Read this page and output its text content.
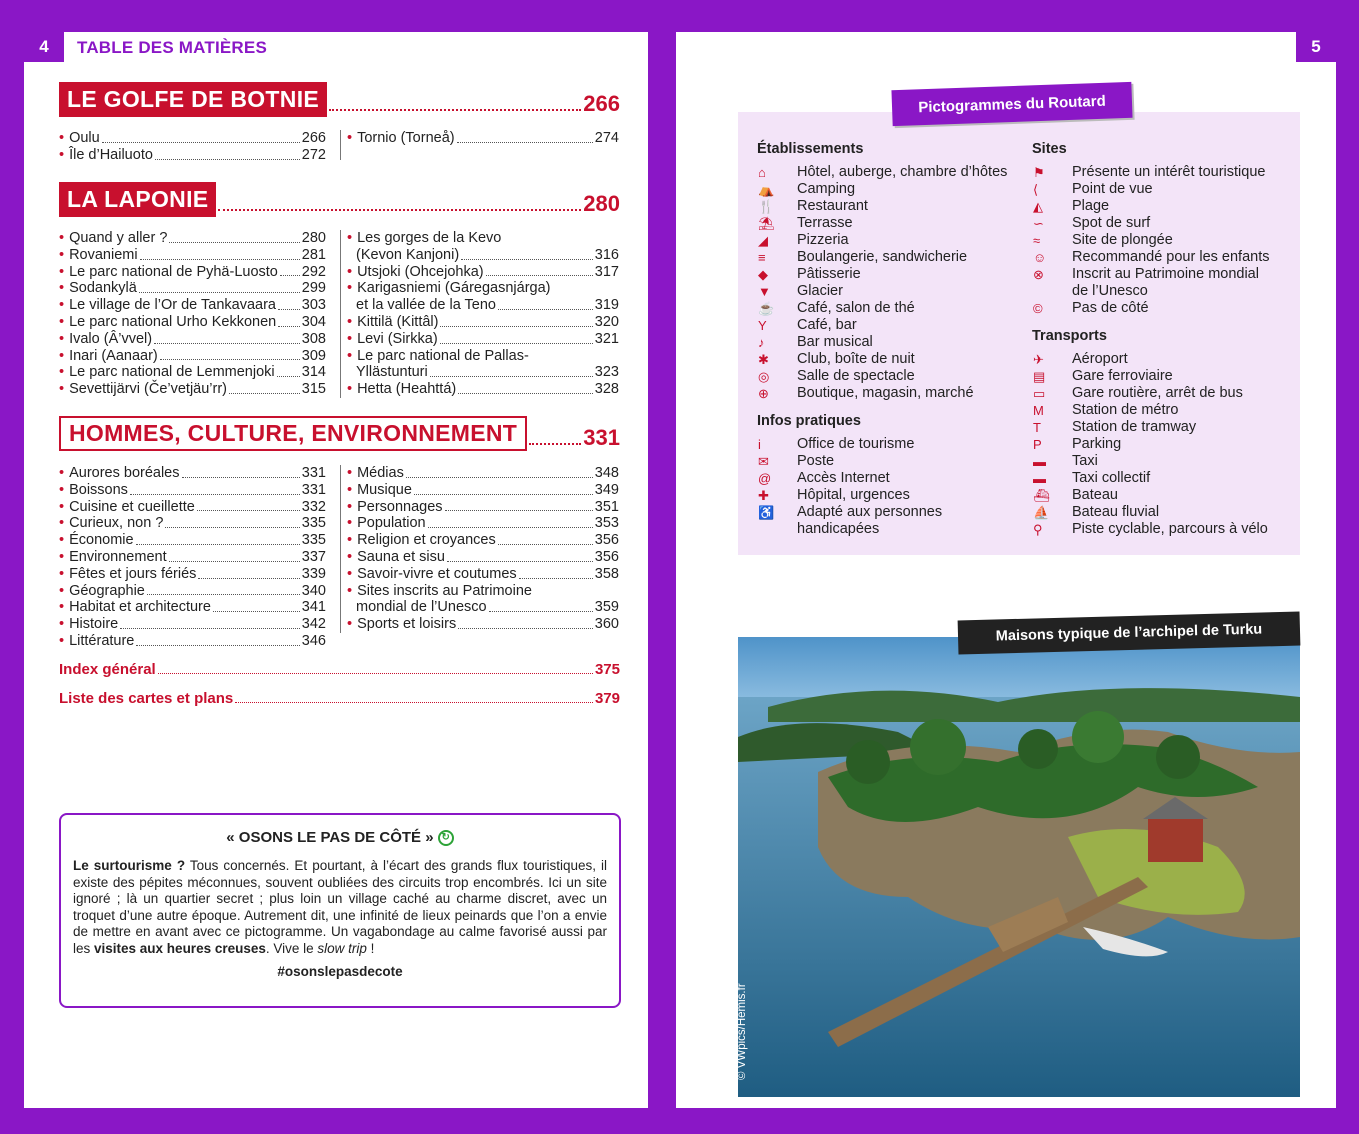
4	5
TABLE DES MATIÈRES
LE GOLFE DE BOTNIE	266
• Oulu	266
• Île d’Hailuoto	272
• Tornio (Torneå)	274
LA LAPONIE	280
• Quand y aller ?	280
• Rovaniemi	281
• Le parc national de Pyhä-Luosto 292
• Sodankylä	299
• Le village de l’Or de Tankavaara 303
• Le parc national Urho Kekkonen 304
• Ivalo (Â’vvel)	308
• Inari (Aanaar)	309
• Le parc national de Lemmenjoki 314
• Sevettijärvi (Če’vetjäu’rr)	315
• Les gorges de la Kevo
(Kevon Kanjoni)	316
• Utsjoki (Ohcejohka)	317
• Karigasniemi (Gáregasnjárga)
et la vallée de la Teno	319
• Kittilä (Kittâl)	320
• Levi (Sirkka)	321
• Le parc national de Pallas-
Yllästunturi	323
• Hetta (Heahttá)	328
HOMMES, CULTURE, ENVIRONNEMENT	331
• Aurores boréales	331
• Boissons	331
• Cuisine et cueillette	332
• Curieux, non ?	335
• Économie	335
• Environnement	337
• Fêtes et jours fériés	339
• Géographie	340
• Habitat et architecture	341
• Histoire	342
• Littérature	346
• Médias	348
• Musique	349
• Personnages	351
• Population	353
• Religion et croyances	356
• Sauna et sisu	356
• Savoir-vivre et coutumes	358
• Sites inscrits au Patrimoine
mondial de l’Unesco	359
• Sports et loisirs	360
Index général	375
Liste des cartes et plans	379
« OSONS LE PAS DE CÔTÉ » ↻
Le surtourisme ? Tous concernés. Et pourtant, à l’écart des grands flux touristiques, il existe des pépites méconnues, souvent oubliées des circuits trop encombrés. Ici un site ignoré ; là un quartier secret ; plus loin un village caché au charme discret, avec un troquet d’une autre époque. Autrement dit, une infinité de lieux peinards que l’on a envie de mettre en avant avec ce pictogramme. Un vagabondage au calme favorisé aussi par les visites aux heures creuses. Vive le slow trip !
#osonslepasdecote
Pictogrammes du Routard
Établissements
⌂	Hôtel, auberge, chambre d’hôtes
⛺	Camping
🍴	Restaurant
⛱	Terrasse
◢	Pizzeria
≡	Boulangerie, sandwicherie
◆	Pâtisserie
▼	Glacier
☕	Café, salon de thé
Y	Café, bar
♪	Bar musical
✱	Club, boîte de nuit
◎	Salle de spectacle
⊕	Boutique, magasin, marché
Infos pratiques
i	Office de tourisme
✉	Poste
@	Accès Internet
✚	Hôpital, urgences
♿	Adapté aux personnes
handicapées
Sites
⚑	Présente un intérêt touristique
⟨	Point de vue
◭	Plage
∽	Spot de surf
≈	Site de plongée
☺	Recommandé pour les enfants
⊗	Inscrit au Patrimoine mondial
de l’Unesco
©	Pas de côté
Transports
✈	Aéroport
▤	Gare ferroviaire
▭	Gare routière, arrêt de bus
M	Station de métro
T	Station de tramway
P	Parking
▬	Taxi
▬	Taxi collectif
⛴	Bateau
⛵	Bateau fluvial
⚲	Piste cyclable, parcours à vélo
Maisons typique de l’archipel de Turku
© VWpics/Hemis.fr
